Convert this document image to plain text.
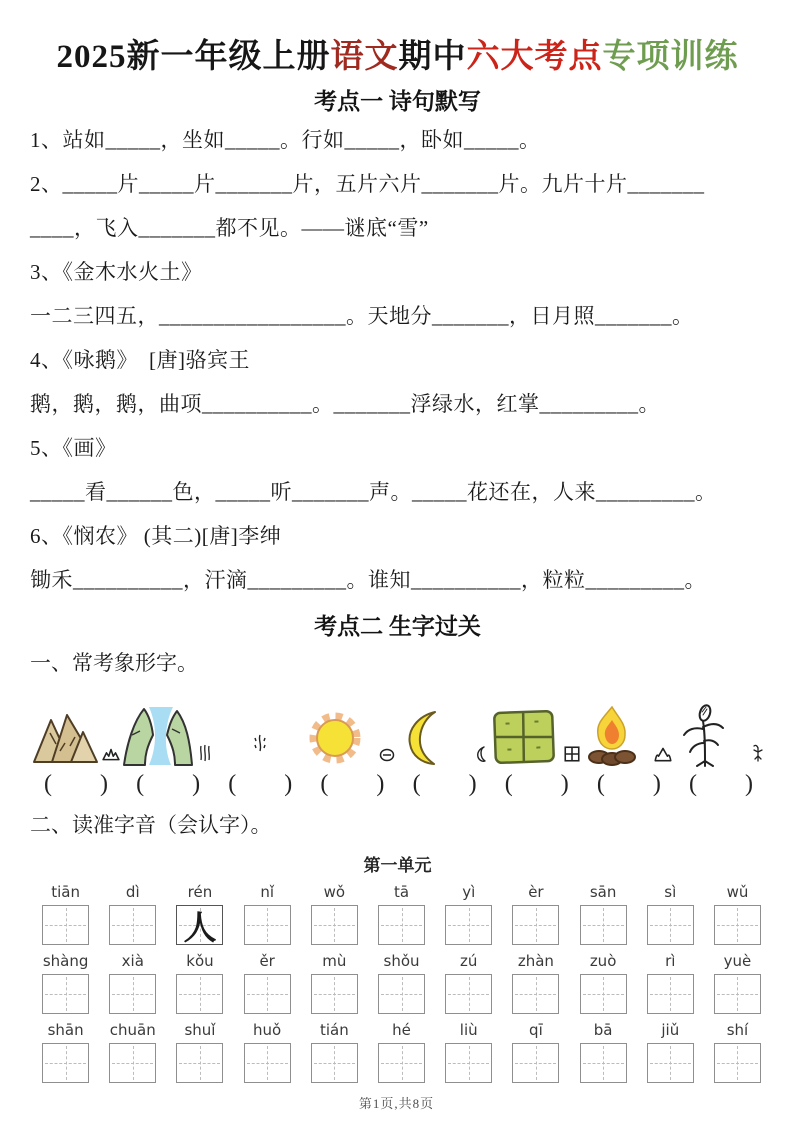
2025新一年级上册语文期中六大考点专项训练
考点一 诗句默写
1、站如_____，坐如_____。行如_____，卧如_____。
2、_____片_____片_______片，五片六片_______片。九片十片_______
____，飞入_______都不见。——谜底“雪”
3、《金木水火土》
一二三四五，_________________。天地分_______，日月照_______。
4、《咏鹅》　[唐]骆宾王
鹅，鹅，鹅，曲项__________。_______浮绿水，红掌_________。
5、《画》
_____看______色，_____听_______声。_____花还在，人来_________。
6、《悯农》 (其二)[唐]李绅
锄禾__________，汗滴_________。谁知__________，粒粒_________。
考点二 生字过关
一、常考象形字。
( ) ( ) ( ) ( ) ( ) ( ) ( ) ( )
二、读准字音（会认字）。
第一单元
tiān	dì	rén	nǐ	wǒ	tā	yì	èr	sān	sì	wǔ
人
shàng	xià	kǒu	ěr	mù	shǒu	zú	zhàn	zuò	rì	yuè
shān	chuān	shuǐ	huǒ	tián	hé	liù	qī	bā	jiǔ	shí
第1页,共8页
